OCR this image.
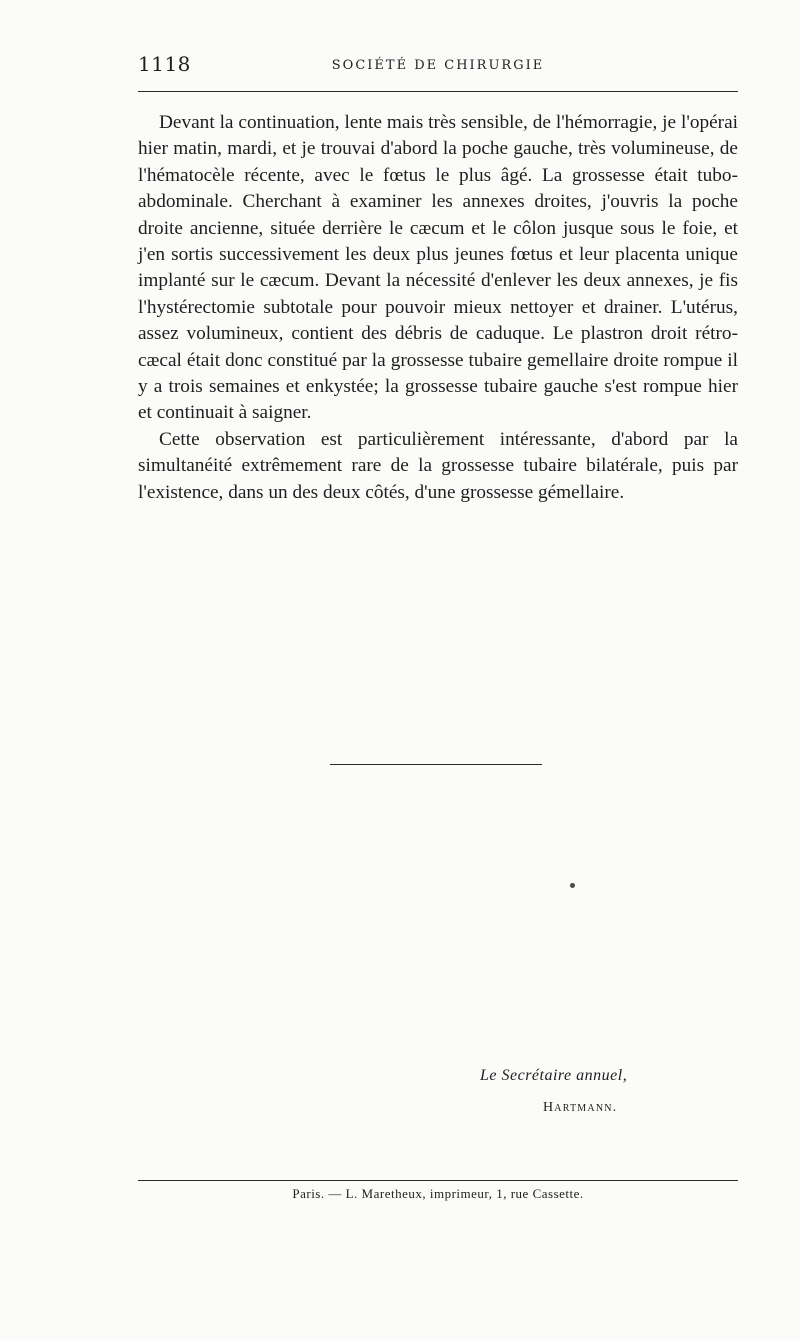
1118	SOCIÉTÉ DE CHIRURGIE

Devant la continuation, lente mais très sensible, de l'hémorragie, je l'opérai hier matin, mardi, et je trouvai d'abord la poche gauche, très volumineuse, de l'hématocèle récente, avec le fœtus le plus âgé. La grossesse était tubo-abdominale. Cherchant à examiner les annexes droites, j'ouvris la poche droite ancienne, située derrière le cæcum et le côlon jusque sous le foie, et j'en sortis successivement les deux plus jeunes fœtus et leur placenta unique implanté sur le cæcum. Devant la nécessité d'enlever les deux annexes, je fis l'hystérectomie subtotale pour pouvoir mieux nettoyer et drainer. L'utérus, assez volumineux, contient des débris de caduque. Le plastron droit rétro-cæcal était donc constitué par la grossesse tubaire gemellaire droite rompue il y a trois semaines et enkystée; la grossesse tubaire gauche s'est rompue hier et continuait à saigner.

Cette observation est particulièrement intéressante, d'abord par la simultanéité extrêmement rare de la grossesse tubaire bilatérale, puis par l'existence, dans un des deux côtés, d'une grossesse gémellaire.

Le Secrétaire annuel,
Hartmann.
Paris. — L. Maretheux, imprimeur, 1, rue Cassette.
